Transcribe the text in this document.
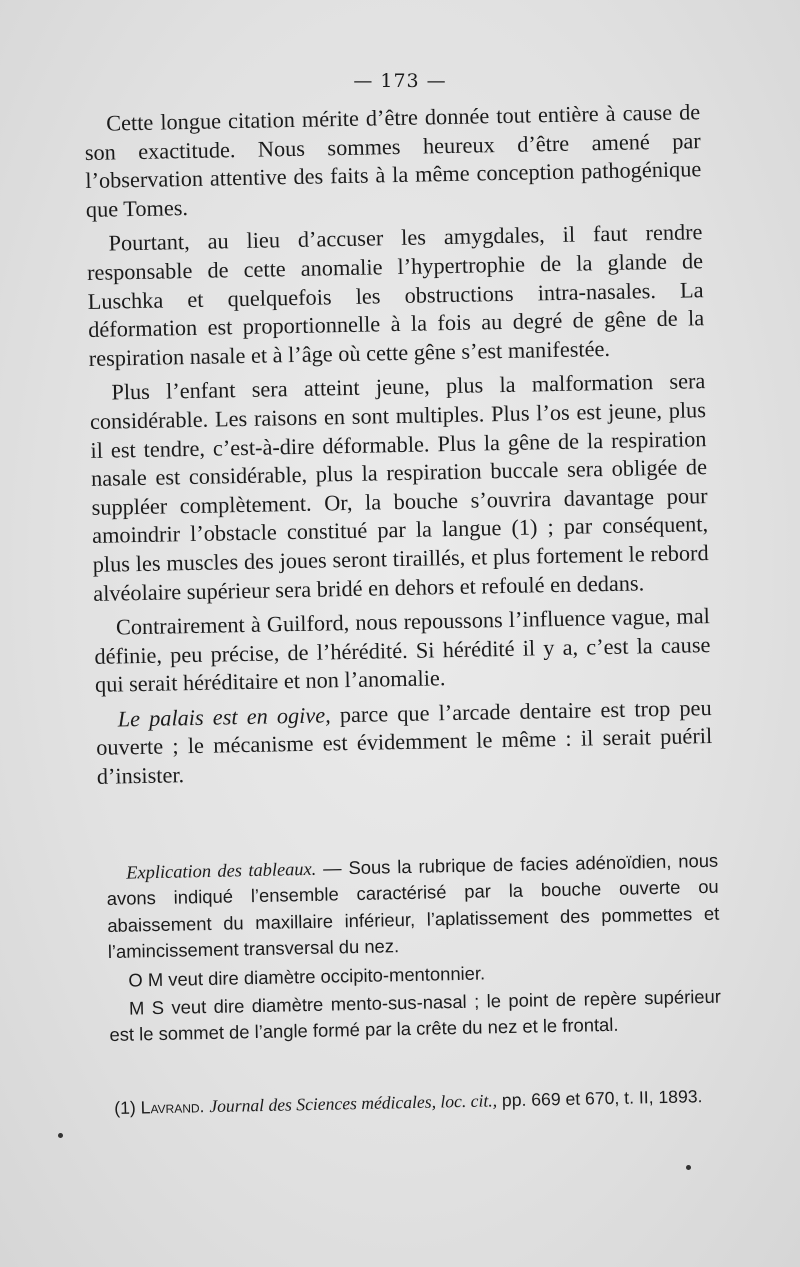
— 173 —

Cette longue citation mérite d’être donnée tout entière à cause de son exactitude. Nous sommes heureux d’être amené par l’observation attentive des faits à la même conception pathogénique que Tomes.

Pourtant, au lieu d’accuser les amygdales, il faut rendre responsable de cette anomalie l’hypertrophie de la glande de Luschka et quelquefois les obstructions intra-nasales. La déformation est proportionnelle à la fois au degré de gêne de la respiration nasale et à l’âge où cette gêne s’est manifestée.

Plus l’enfant sera atteint jeune, plus la malformation sera considérable. Les raisons en sont multiples. Plus l’os est jeune, plus il est tendre, c’est-à-dire déformable. Plus la gêne de la respiration nasale est considérable, plus la respiration buccale sera obligée de suppléer complètement. Or, la bouche s’ouvrira davantage pour amoindrir l’obstacle constitué par la langue (1) ; par conséquent, plus les muscles des joues seront tiraillés, et plus fortement le rebord alvéolaire supérieur sera bridé en dehors et refoulé en dedans.

Contrairement à Guilford, nous repoussons l’influence vague, mal définie, peu précise, de l’hérédité. Si hérédité il y a, c’est la cause qui serait héréditaire et non l’anomalie.

Le palais est en ogive, parce que l’arcade dentaire est trop peu ouverte ; le mécanisme est évidemment le même : il serait puéril d’insister.

Explication des tableaux. — Sous la rubrique de facies adénoïdien, nous avons indiqué l’ensemble caractérisé par la bouche ouverte ou abaissement du maxillaire inférieur, l’aplatissement des pommettes et l’amincissement transversal du nez.

O M veut dire diamètre occipito-mentonnier.

M S veut dire diamètre mento-sus-nasal ; le point de repère supérieur est le sommet de l’angle formé par la crête du nez et le frontal.

(1) Lavrand. Journal des Sciences médicales, loc. cit., pp. 669 et 670, t. II, 1893.
